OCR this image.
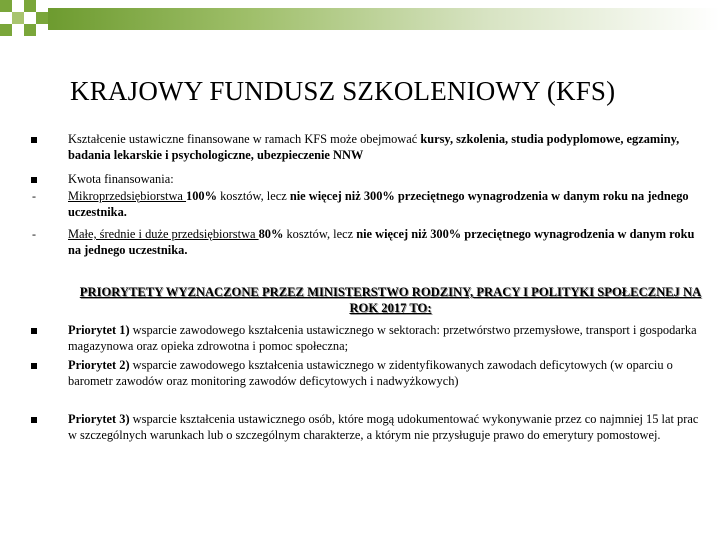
KRAJOWY FUNDUSZ SZKOLENIOWY (KFS)
Kształcenie ustawiczne finansowane w ramach KFS może obejmować kursy, szkolenia, studia podyplomowe, egzaminy, badania lekarskie i psychologiczne, ubezpieczenie NNW
Kwota finansowania:
-	Mikroprzedsiębiorstwa 100% kosztów, lecz nie więcej niż 300% przeciętnego wynagrodzenia w danym roku na jednego uczestnika.
-	Małe, średnie i duże przedsiębiorstwa 80% kosztów, lecz nie więcej niż 300% przeciętnego wynagrodzenia w danym roku na jednego uczestnika.
PRIORYTETY WYZNACZONE PRZEZ MINISTERSTWO RODZINY, PRACY I POLITYKI SPOŁECZNEJ NA ROK 2017 TO:
Priorytet 1) wsparcie zawodowego kształcenia ustawicznego w sektorach: przetwórstwo przemysłowe, transport i gospodarka magazynowa oraz opieka zdrowotna i pomoc społeczna;
Priorytet 2) wsparcie zawodowego kształcenia ustawicznego w zidentyfikowanych zawodach deficytowych (w oparciu o barometr zawodów oraz monitoring zawodów deficytowych i nadwyżkowych)
Priorytet 3) wsparcie kształcenia ustawicznego osób, które mogą udokumentować wykonywanie przez co najmniej 15 lat prac w szczególnych warunkach lub o szczególnym charakterze, a którym nie przysługuje prawo do emerytury pomostowej.
